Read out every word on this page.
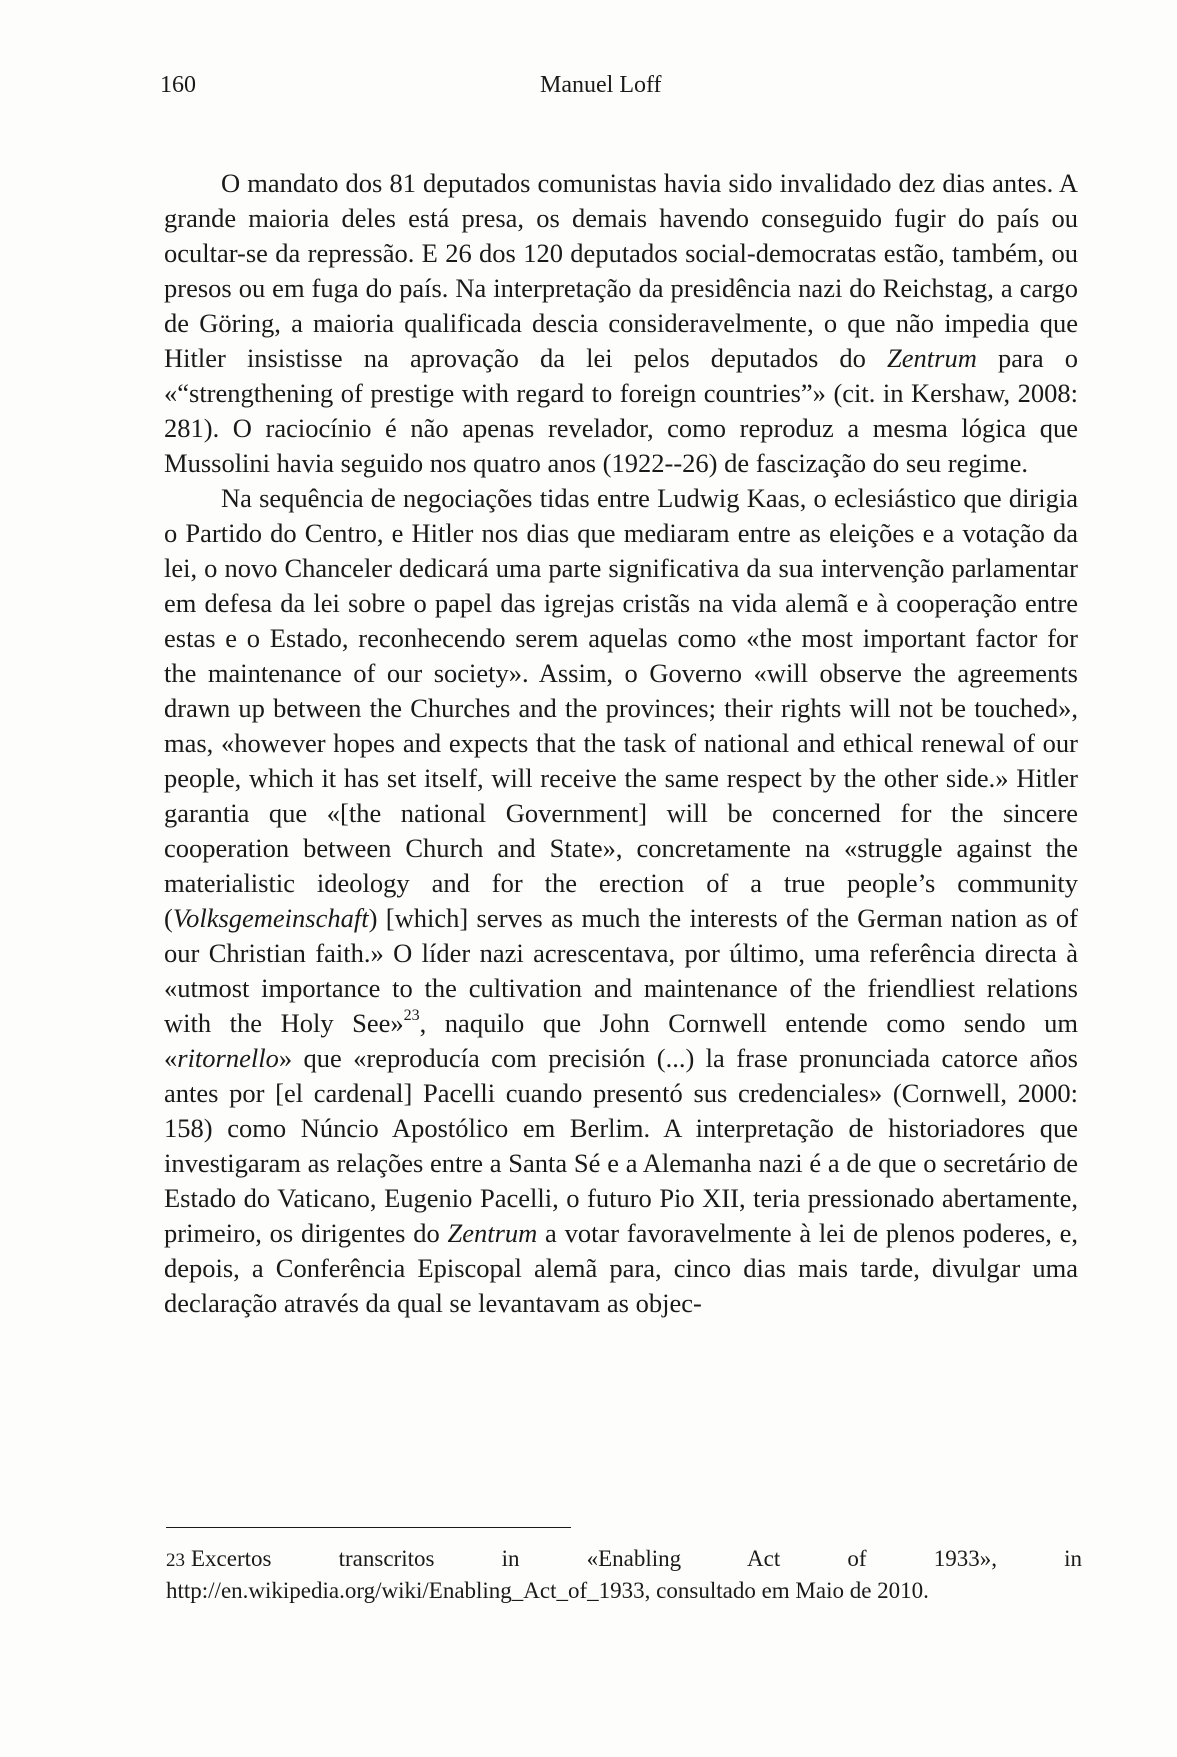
160	Manuel Loff

O mandato dos 81 deputados comunistas havia sido invalidado dez dias antes. A grande maioria deles está presa, os demais havendo conseguido fugir do país ou ocultar-se da repressão. E 26 dos 120 deputados social-democratas estão, também, ou presos ou em fuga do país. Na interpretação da presidência nazi do Reichstag, a cargo de Göring, a maioria qualificada descia consideravelmente, o que não impedia que Hitler insistisse na aprovação da lei pelos deputados do Zentrum para o «“strengthening of prestige with regard to foreign countries”» (cit. in Kershaw, 2008: 281). O raciocínio é não apenas revelador, como reproduz a mesma lógica que Mussolini havia seguido nos quatro anos (1922--26) de fascização do seu regime.

Na sequência de negociações tidas entre Ludwig Kaas, o eclesiástico que dirigia o Partido do Centro, e Hitler nos dias que mediaram entre as eleições e a votação da lei, o novo Chanceler dedicará uma parte significativa da sua intervenção parlamentar em defesa da lei sobre o papel das igrejas cristãs na vida alemã e à cooperação entre estas e o Estado, reconhecendo serem aquelas como «the most important factor for the maintenance of our society». Assim, o Governo «will observe the agreements drawn up between the Churches and the provinces; their rights will not be touched», mas, «however hopes and expects that the task of national and ethical renewal of our people, which it has set itself, will receive the same respect by the other side.» Hitler garantia que «[the national Government] will be concerned for the sincere cooperation between Church and State», concretamente na «struggle against the materialistic ideology and for the erection of a true people’s community (Volksgemeinschaft) [which] serves as much the interests of the German nation as of our Christian faith.» O líder nazi acrescentava, por último, uma referência directa à «utmost importance to the cultivation and maintenance of the friendliest relations with the Holy See»$^{23}$, naquilo que John Cornwell entende como sendo um «ritornello» que «reproducía com precisión (...) la frase pronunciada catorce años antes por [el cardenal] Pacelli cuando presentó sus credenciales» (Cornwell, 2000: 158) como Núncio Apostólico em Berlim. A interpretação de historiadores que investigaram as relações entre a Santa Sé e a Alemanha nazi é a de que o secretário de Estado do Vaticano, Eugenio Pacelli, o futuro Pio XII, teria pressionado abertamente, primeiro, os dirigentes do Zentrum a votar favoravelmente à lei de plenos poderes, e, depois, a Conferência Episcopal alemã para, cinco dias mais tarde, divulgar uma declaração através da qual se levantavam as objec-

23 Excertos transcritos in «Enabling Act of 1933», in http://en.wikipedia.org/wiki/Enabling_Act_of_1933, consultado em Maio de 2010.
